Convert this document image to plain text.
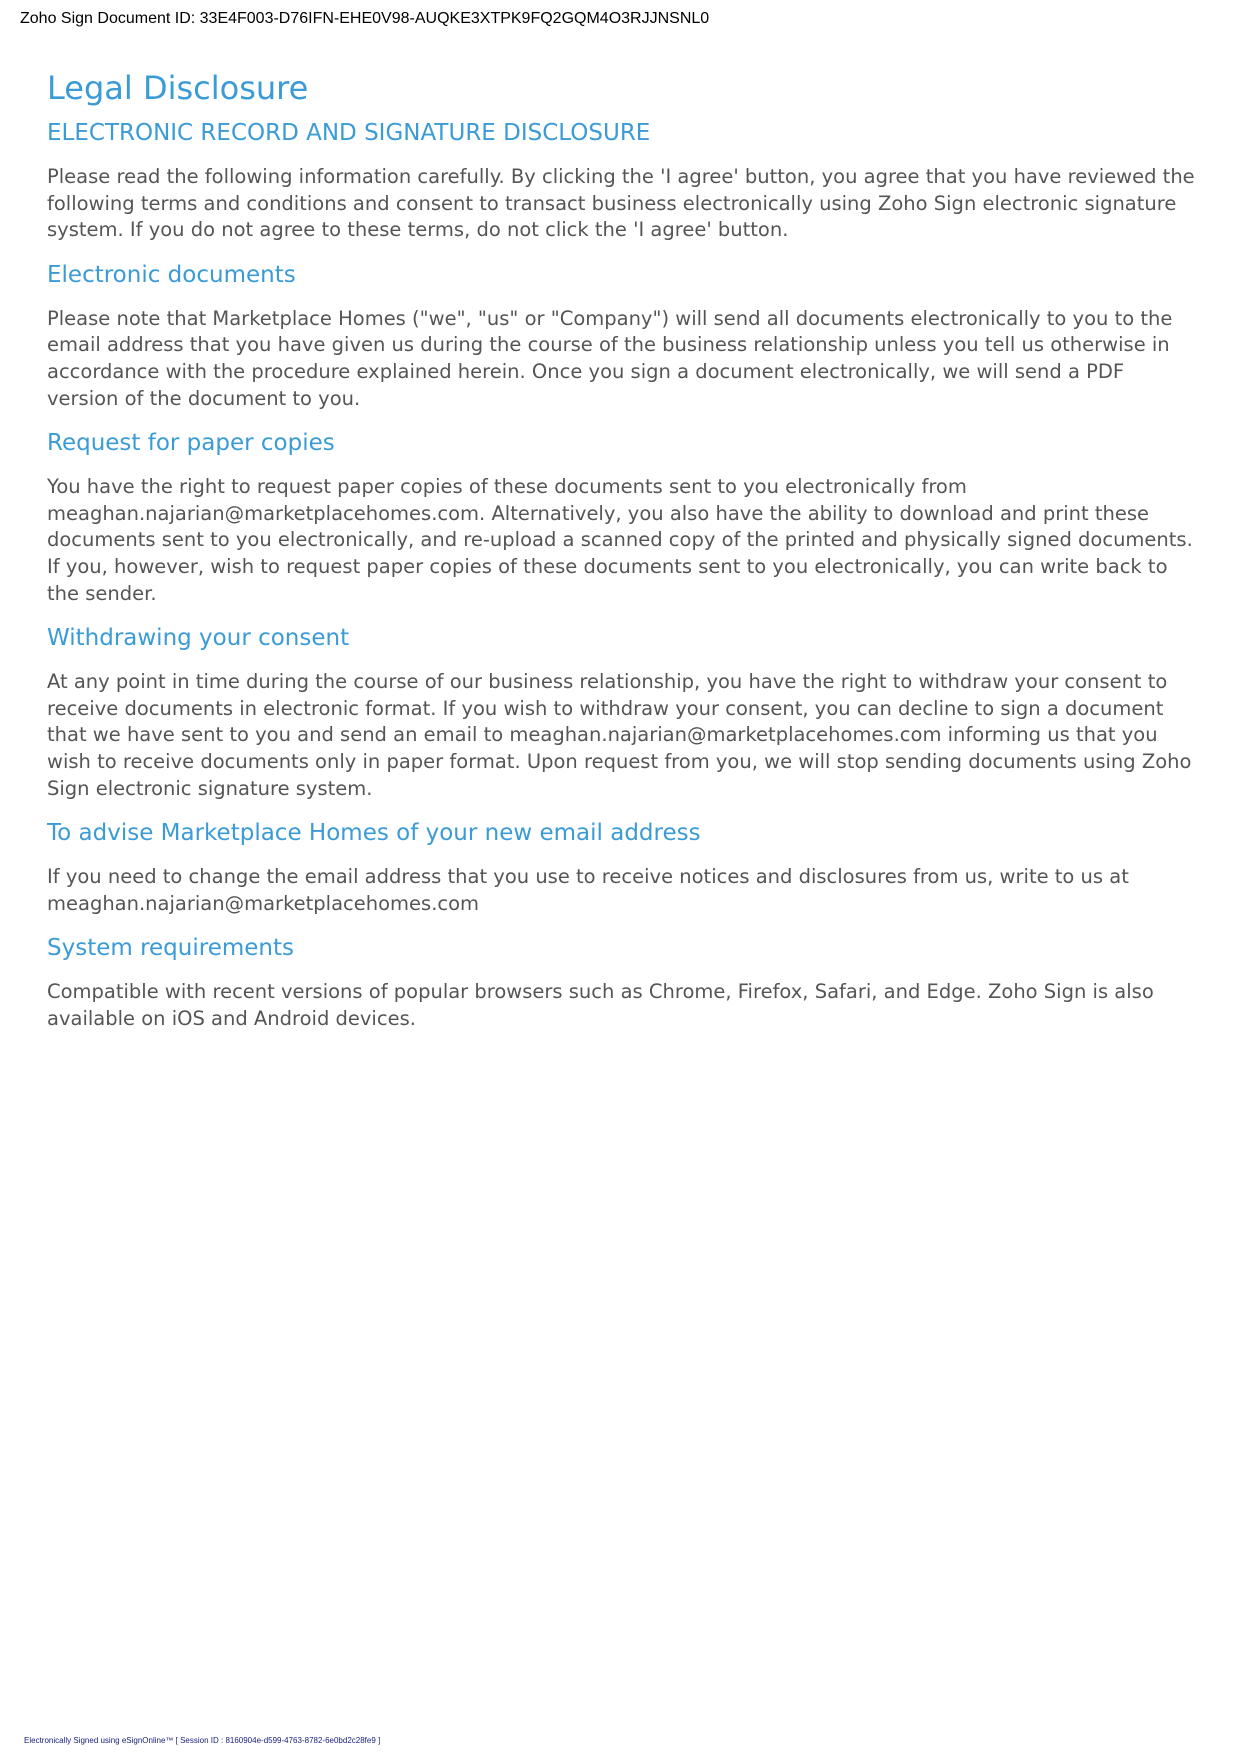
Zoho Sign Document ID: 33E4F003-D76IFN-EHE0V98-AUQKE3XTPK9FQ2GQM4O3RJJNSNL0
Legal Disclosure
ELECTRONIC RECORD AND SIGNATURE DISCLOSURE

Please read the following information carefully. By clicking the 'I agree' button, you agree that you have reviewed the following terms and conditions and consent to transact business electronically using Zoho Sign electronic signature system. If you do not agree to these terms, do not click the 'I agree' button.

Electronic documents

Please note that Marketplace Homes ("we", "us" or "Company") will send all documents electronically to you to the email address that you have given us during the course of the business relationship unless you tell us otherwise in accordance with the procedure explained herein. Once you sign a document electronically, we will send a PDF version of the document to you.

Request for paper copies

You have the right to request paper copies of these documents sent to you electronically from meaghan.najarian@marketplacehomes.com. Alternatively, you also have the ability to download and print these documents sent to you electronically, and re-upload a scanned copy of the printed and physically signed documents. If you, however, wish to request paper copies of these documents sent to you electronically, you can write back to the sender.

Withdrawing your consent

At any point in time during the course of our business relationship, you have the right to withdraw your consent to receive documents in electronic format. If you wish to withdraw your consent, you can decline to sign a document that we have sent to you and send an email to meaghan.najarian@marketplacehomes.com informing us that you wish to receive documents only in paper format. Upon request from you, we will stop sending documents using Zoho Sign electronic signature system.

To advise Marketplace Homes of your new email address

If you need to change the email address that you use to receive notices and disclosures from us, write to us at meaghan.najarian@marketplacehomes.com

System requirements

Compatible with recent versions of popular browsers such as Chrome, Firefox, Safari, and Edge. Zoho Sign is also available on iOS and Android devices.

Electronically Signed using eSignOnline™ [ Session ID : 8160904e-d599-4763-8782-6e0bd2c28fe9 ]
